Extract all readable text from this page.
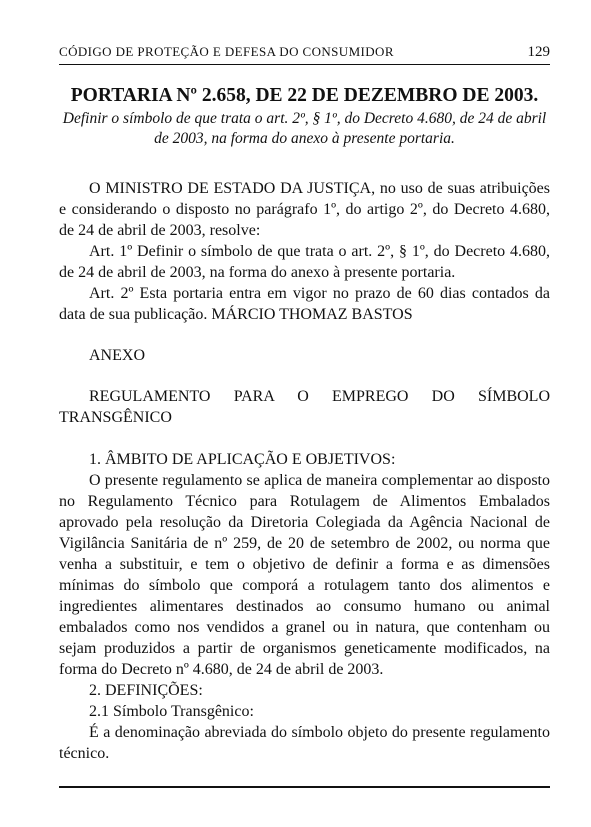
CÓDIGO DE PROTEÇÃO E DEFESA DO CONSUMIDOR	129
PORTARIA Nº 2.658, DE 22 DE DEZEMBRO DE 2003.
Definir o símbolo de que trata o art. 2º, § 1º, do Decreto 4.680, de 24 de abril de 2003, na forma do anexo à presente portaria.

O MINISTRO DE ESTADO DA JUSTIÇA, no uso de suas atribuições e considerando o disposto no parágrafo 1º, do artigo 2º, do Decreto 4.680, de 24 de abril de 2003, resolve:

Art. 1º Definir o símbolo de que trata o art. 2º, § 1º, do Decreto 4.680, de 24 de abril de 2003, na forma do anexo à presente portaria.

Art. 2º Esta portaria entra em vigor no prazo de 60 dias contados da data de sua publicação. MÁRCIO THOMAZ BASTOS

ANEXO

REGULAMENTO PARA O EMPREGO DO SÍMBOLO TRANSGÊNICO

1. ÂMBITO DE APLICAÇÃO E OBJETIVOS:

O presente regulamento se aplica de maneira complementar ao disposto no Regulamento Técnico para Rotulagem de Alimentos Embalados aprovado pela resolução da Diretoria Colegiada da Agência Nacional de Vigilância Sanitária de nº 259, de 20 de setembro de 2002, ou norma que venha a substituir, e tem o objetivo de definir a forma e as dimensões mínimas do símbolo que comporá a rotulagem tanto dos alimentos e ingredientes alimentares destinados ao consumo humano ou animal embalados como nos vendidos a granel ou in natura, que contenham ou sejam produzidos a partir de organismos geneticamente modificados, na forma do Decreto nº 4.680, de 24 de abril de 2003.

2. DEFINIÇÕES:

2.1 Símbolo Transgênico:

É a denominação abreviada do símbolo objeto do presente regulamento técnico.
